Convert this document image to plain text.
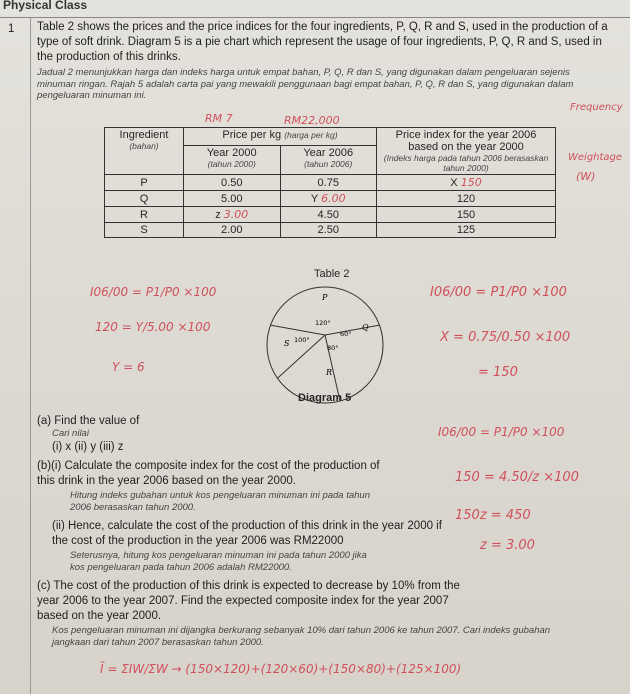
Physical Class
1 Table 2 shows the prices and the price indices for the four ingredients, P, Q, R and S, used in the production of a type of soft drink. Diagram 5 is a pie chart which represent the usage of four ingredients, P, Q, R and S, used in the production of this drinks.
Jadual 2 menunjukkan harga dan indeks harga untuk empat bahan, P, Q, R dan S, yang digunakan dalam pengeluaran sejenis minuman ringan. Rajah 5 adalah carta pai yang mewakili penggunaan bagi empat bahan, P, Q, R dan S, yang digunakan dalam pengeluaran minuman ini.
RM 7	RM22,000
Frequency
Weightage
(W)
Ingredient
(bahan)	Price per kg (harga per kg)		Price index for the year 2006 based on the year 2000
(Indeks harga pada tahun 2006 berasaskan tahun 2000)

	Year 2000
(tahun 2000)	Year 2006
(tahun 2006)	

P	0.50	0.75	X 150
Q	5.00	Y 6.00	120
R	z 3.00	4.50	150
S	2.00	2.50	125
Table 2
I06/00 = P1/P0 ×100
120 = Y/5.00 ×100
Y = 6
I06/00 = P1/P0 ×100
X = 0.75/0.50 ×100
= 150
P
Q
R
S
120°
60°
80°
100°
Diagram 5
(a) Find the value of
Cari nilai
(i) x (ii) y (iii) z
(b)(i) Calculate the composite index for the cost of the production of this drink in the year 2006 based on the year 2000.
Hitung indeks gubahan untuk kos pengeluaran minuman ini pada tahun 2006 berasaskan tahun 2000.
(ii) Hence, calculate the cost of the production of this drink in the year 2000 if the cost of the production in the year 2006 was RM22000
Seterusnya, hitung kos pengeluaran minuman ini pada tahun 2000 jika kos pengeluaran pada tahun 2006 adalah RM22000.
I06/00 = P1/P0 ×100
150 = 4.50/z ×100
150z = 450
z = 3.00
(c) The cost of the production of this drink is expected to decrease by 10% from the year 2006 to the year 2007. Find the expected composite index for the year 2007 based on the year 2000.
Kos pengeluaran minuman ini dijangka berkurang sebanyak 10% dari tahun 2006 ke tahun 2007. Cari indeks gubahan jangkaan dari tahun 2007 berasaskan tahun 2000.
Ī = ΣIW/ΣW → (150×120)+(120×60)+(150×80)+(125×100)
